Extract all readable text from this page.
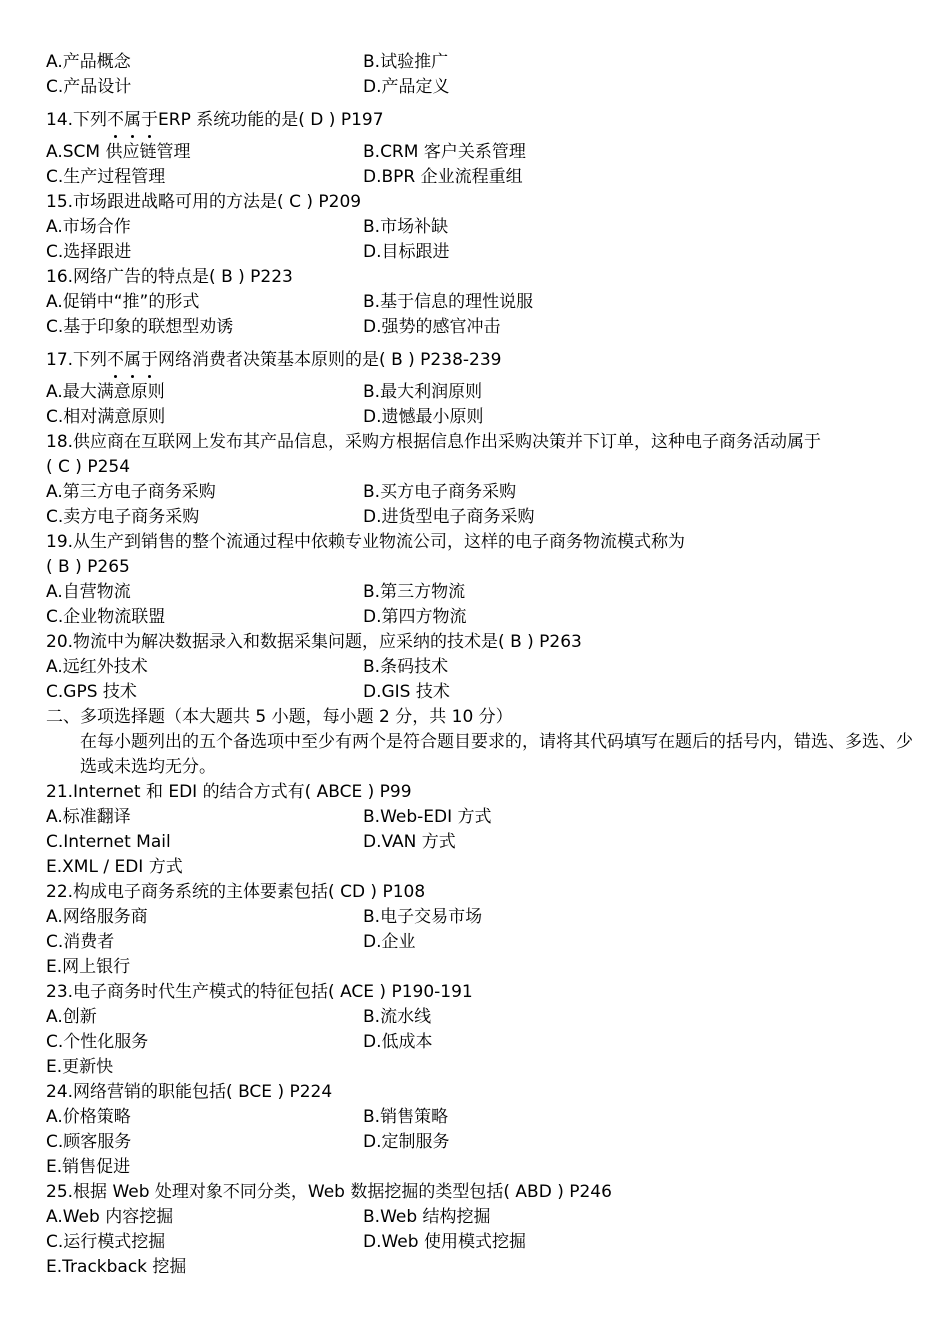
A.产品概念	B.试验推广
C.产品设计	D.产品定义
14.下列不属于
ERP 系统功能的是( D ) P197
A.SCM 供应链管理	B.CRM 客户关系管理
C.生产过程管理	D.BPR 企业流程重组
15.市场跟进战略可用的方法是( C ) P209
A.市场合作	B.市场补缺
C.选择跟进	D.目标跟进
16.网络广告的特点是( B ) P223
A.促销中“推”的形式	B.基于信息的理性说服
C.基于印象的联想型劝诱	D.强势的感官冲击
17.下列不属于
网络消费者决策基本原则的是( B ) P238-239
A.最大满意原则	B.最大利润原则
C.相对满意原则	D.遗憾最小原则
18.供应商在互联网上发布其产品信息，采购方根据信息作出采购决策并下订单，这种电子商务活动属于
( C ) P254
A.第三方电子商务采购	B.买方电子商务采购
C.卖方电子商务采购	D.进货型电子商务采购
19.从生产到销售的整个流通过程中依赖专业物流公司，这样的电子商务物流模式称为
( B ) P265
A.自营物流	B.第三方物流
C.企业物流联盟	D.第四方物流
20.物流中为解决数据录入和数据采集问题，应采纳的技术是( B ) P263
A.远红外技术	B.条码技术
C.GPS 技术	D.GIS 技术
二、多项选择题（本大题共 5 小题，每小题 2 分，共 10 分）
在每小题列出的五个备选项中至少有两个是符合题目要求的，请将其代码填写在题后的括号内，错选、多选、少选或未选均无分。
21.Internet 和 EDI 的结合方式有( ABCE ) P99
A.标准翻译	B.Web-EDI 方式
C.Internet Mail	D.VAN 方式
E.XML / EDI 方式
22.构成电子商务系统的主体要素包括( CD ) P108
A.网络服务商	B.电子交易市场
C.消费者	D.企业
E.网上银行
23.电子商务时代生产模式的特征包括( ACE ) P190-191
A.创新	B.流水线
C.个性化服务	D.低成本
E.更新快
24.网络营销的职能包括( BCE ) P224
A.价格策略	B.销售策略
C.顾客服务	D.定制服务
E.销售促进
25.根据 Web 处理对象不同分类，Web 数据挖掘的类型包括( ABD ) P246
A.Web 内容挖掘	B.Web 结构挖掘
C.运行模式挖掘	D.Web 使用模式挖掘
E.Trackback 挖掘
